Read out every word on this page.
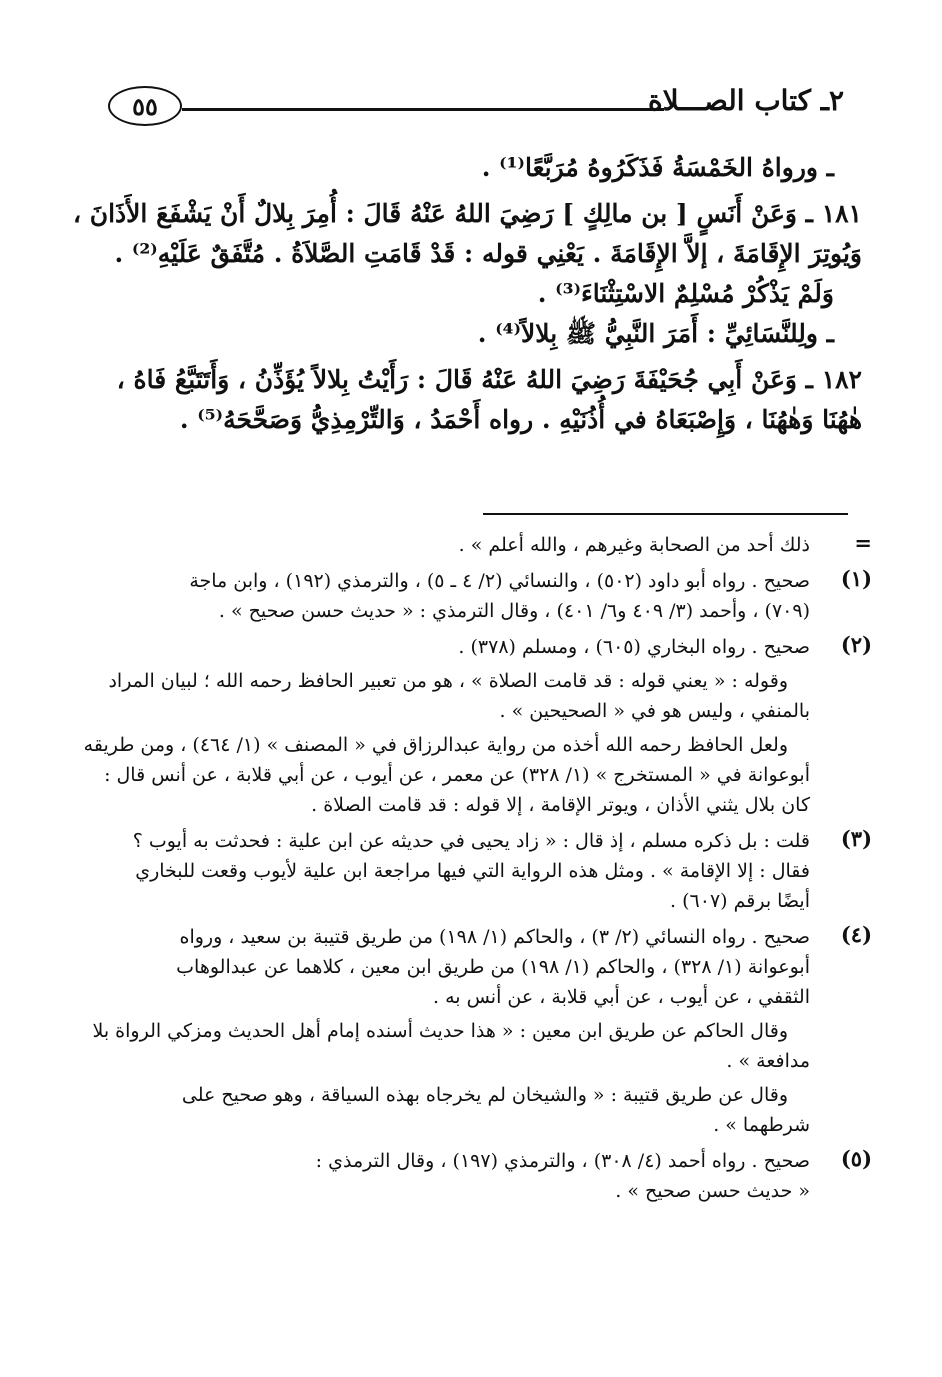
٥٥	٢ـ كتاب الصـــلاة
ـ ورواهُ الخَمْسَةُ فَذَكَرُوهُ مُرَبَّعًا⁽¹⁾ .
١٨١ ـ وَعَنْ أَنَسٍ [ بن مالِكٍ ] رَضِيَ اللهُ عَنْهُ قَالَ : أُمِرَ بِلالٌ أَنْ يَشْفَعَ الأَذَانَ ،
وَيُوتِرَ الإِقَامَةَ ، إلاَّ الإِقَامَةَ . يَعْنِي قوله : قَدْ قَامَتِ الصَّلاَةُ . مُتَّفَقٌ عَلَيْهِ⁽²⁾ .
وَلَمْ يَذْكُرْ مُسْلِمٌ الاسْتِثْنَاءَ⁽³⁾ .
ـ ولِلنَّسَائِيِّ : أَمَرَ النَّبِيُّ ﷺ بِلالاً⁽⁴⁾ .
١٨٢ ـ وَعَنْ أَبِي جُحَيْفَةَ رَضِيَ اللهُ عَنْهُ قَالَ : رَأَيْتُ بِلالاً يُؤَذِّنُ ، وَأَتَتَبَّعُ فَاهُ ،
هٰهُنَا وَهٰهُنَا ، وَإِصْبَعَاهُ في أُذُنَيْهِ . رواه أَحْمَدُ ، وَالتِّرْمِذِيُّ وَصَحَّحَهُ⁽⁵⁾ .
=
ذلك أحد من الصحابة وغيرهم ، والله أعلم » .
(١)
صحيح . رواه أبو داود (٥٠٢) ، والنسائي (٢/ ٤ ـ ٥) ، والترمذي (١٩٢) ، وابن ماجة
(٧٠٩) ، وأحمد (٣/ ٤٠٩ و٦/ ٤٠١) ، وقال الترمذي : « حديث حسن صحيح » .
(٢)
صحيح . رواه البخاري (٦٠٥) ، ومسلم (٣٧٨) .
وقوله : « يعني قوله : قد قامت الصلاة » ، هو من تعبير الحافظ رحمه الله ؛ لبيان المراد
بالمنفي ، وليس هو في « الصحيحين » .
ولعل الحافظ رحمه الله أخذه من رواية عبدالرزاق في « المصنف » (١/ ٤٦٤) ، ومن طريقه
أبوعوانة في « المستخرج » (١/ ٣٢٨) عن معمر ، عن أيوب ، عن أبي قلابة ، عن أنس قال :
كان بلال يثني الأذان ، ويوتر الإقامة ، إلا قوله : قد قامت الصلاة .
(٣)
قلت : بل ذكره مسلم ، إذ قال : « زاد يحيى في حديثه عن ابن علية : فحدثت به أيوب ؟
فقال : إلا الإقامة » . ومثل هذه الرواية التي فيها مراجعة ابن علية لأيوب وقعت للبخاري
أيضًا برقم (٦٠٧) .
(٤)
صحيح . رواه النسائي (٢/ ٣) ، والحاكم (١/ ١٩٨) من طريق قتيبة بن سعيد ، ورواه
أبوعوانة (١/ ٣٢٨) ، والحاكم (١/ ١٩٨) من طريق ابن معين ، كلاهما عن عبدالوهاب
الثقفي ، عن أيوب ، عن أبي قلابة ، عن أنس به .
وقال الحاكم عن طريق ابن معين : « هذا حديث أسنده إمام أهل الحديث ومزكي الرواة بلا
مدافعة » .
وقال عن طريق قتيبة : « والشيخان لم يخرجاه بهذه السياقة ، وهو صحيح على
شرطهما » .
(٥)
صحيح . رواه أحمد (٤/ ٣٠٨) ، والترمذي (١٩٧) ، وقال الترمذي :
« حديث حسن صحيح » .
